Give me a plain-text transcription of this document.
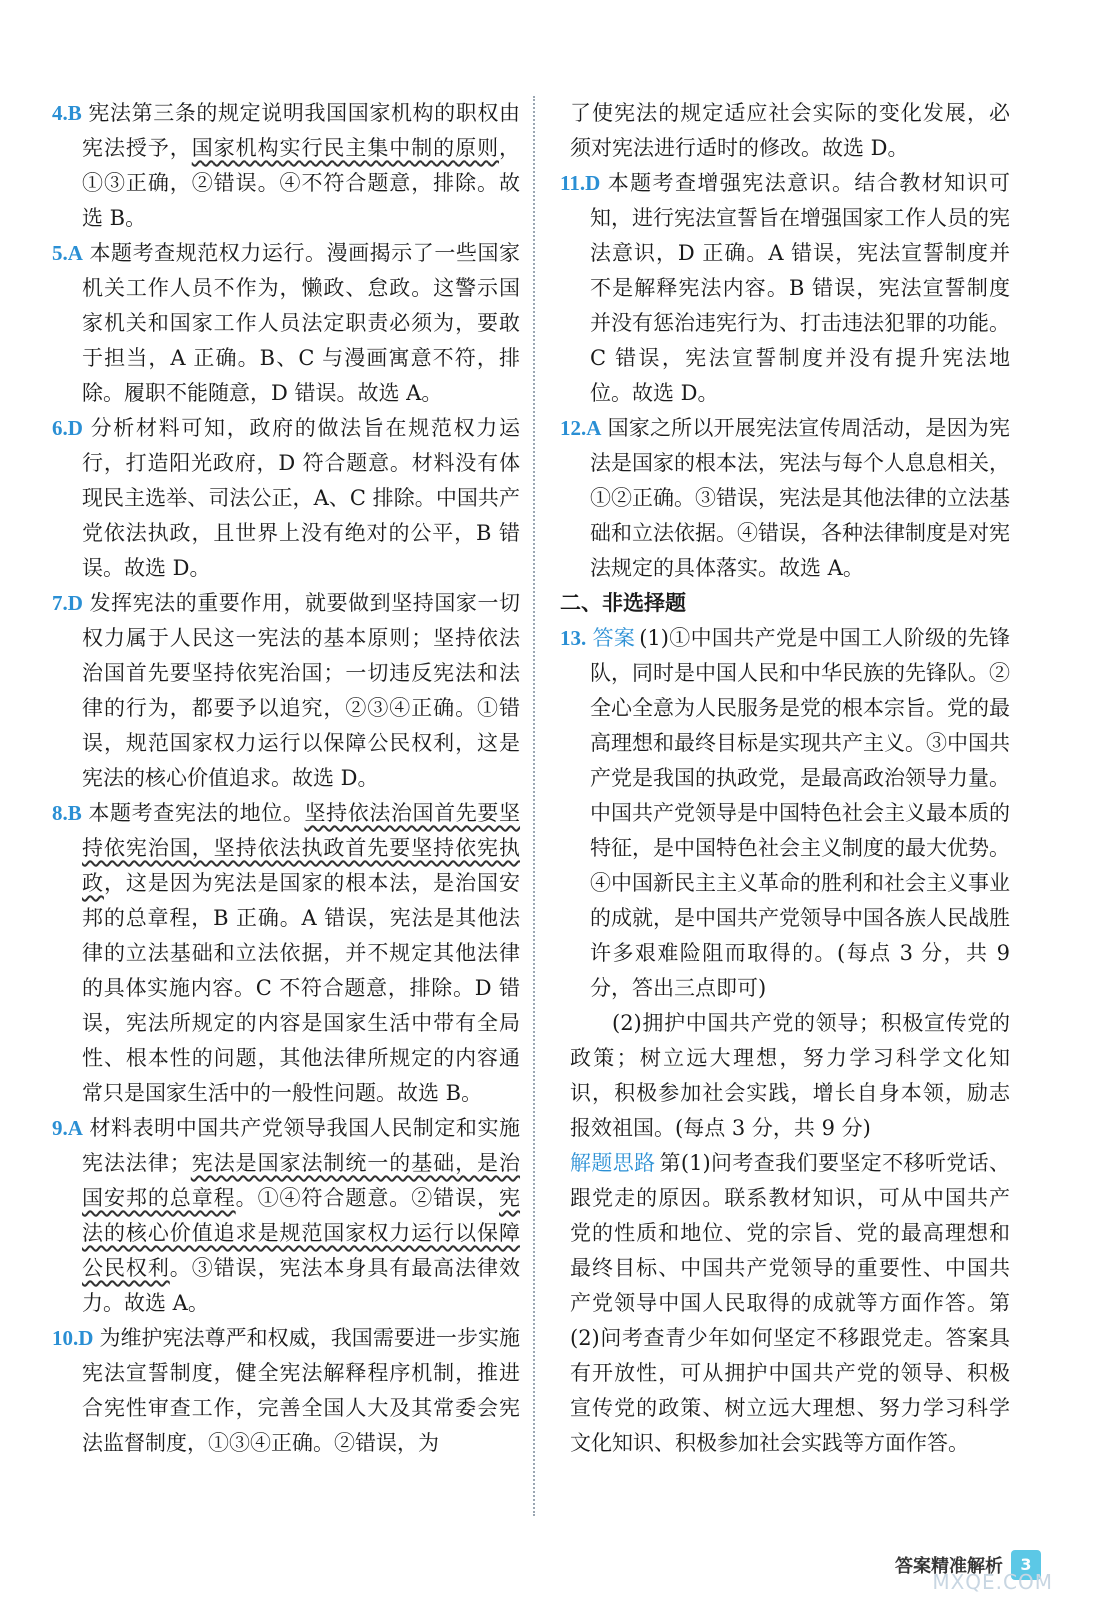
4.B 宪法第三条的规定说明我国国家机构的职权由宪法授予，国家机构实行民主集中制的原则，①③正确，②错误。④不符合题意，排除。故选 B。

5.A 本题考查规范权力运行。漫画揭示了一些国家机关工作人员不作为，懒政、怠政。这警示国家机关和国家工作人员法定职责必须为，要敢于担当，A 正确。B、C 与漫画寓意不符，排除。履职不能随意，D 错误。故选 A。

6.D 分析材料可知，政府的做法旨在规范权力运行，打造阳光政府，D 符合题意。材料没有体现民主选举、司法公正，A、C 排除。中国共产党依法执政，且世界上没有绝对的公平，B 错误。故选 D。

7.D 发挥宪法的重要作用，就要做到坚持国家一切权力属于人民这一宪法的基本原则；坚持依法治国首先要坚持依宪治国；一切违反宪法和法律的行为，都要予以追究，②③④正确。①错误，规范国家权力运行以保障公民权利，这是宪法的核心价值追求。故选 D。

8.B 本题考查宪法的地位。坚持依法治国首先要坚持依宪治国，坚持依法执政首先要坚持依宪执政，这是因为宪法是国家的根本法，是治国安邦的总章程，B 正确。A 错误，宪法是其他法律的立法基础和立法依据，并不规定其他法律的具体实施内容。C 不符合题意，排除。D 错误，宪法所规定的内容是国家生活中带有全局性、根本性的问题，其他法律所规定的内容通常只是国家生活中的一般性问题。故选 B。

9.A 材料表明中国共产党领导我国人民制定和实施宪法法律；宪法是国家法制统一的基础，是治国安邦的总章程。①④符合题意。②错误，宪法的核心价值追求是规范国家权力运行以保障公民权利。③错误，宪法本身具有最高法律效力。故选 A。

10.D 为维护宪法尊严和权威，我国需要进一步实施宪法宣誓制度，健全宪法解释程序机制，推进合宪性审查工作，完善全国人大及其常委会宪法监督制度，①③④正确。②错误，为

了使宪法的规定适应社会实际的变化发展，必须对宪法进行适时的修改。故选 D。

11.D 本题考查增强宪法意识。结合教材知识可知，进行宪法宣誓旨在增强国家工作人员的宪法意识，D 正确。A 错误，宪法宣誓制度并不是解释宪法内容。B 错误，宪法宣誓制度并没有惩治违宪行为、打击违法犯罪的功能。C 错误，宪法宣誓制度并没有提升宪法地位。故选 D。

12.A 国家之所以开展宪法宣传周活动，是因为宪法是国家的根本法，宪法与每个人息息相关，①②正确。③错误，宪法是其他法律的立法基础和立法依据。④错误，各种法律制度是对宪法规定的具体落实。故选 A。

二、非选择题

13. 答案 (1)①中国共产党是中国工人阶级的先锋队，同时是中国人民和中华民族的先锋队。②全心全意为人民服务是党的根本宗旨。党的最高理想和最终目标是实现共产主义。③中国共产党是我国的执政党，是最高政治领导力量。中国共产党领导是中国特色社会主义最本质的特征，是中国特色社会主义制度的最大优势。④中国新民主主义革命的胜利和社会主义事业的成就，是中国共产党领导中国各族人民战胜许多艰难险阻而取得的。(每点 3 分，共 9 分，答出三点即可)

(2)拥护中国共产党的领导；积极宣传党的政策；树立远大理想，努力学习科学文化知识，积极参加社会实践，增长自身本领，励志报效祖国。(每点 3 分，共 9 分)

解题思路 第(1)问考查我们要坚定不移听党话、跟党走的原因。联系教材知识，可从中国共产党的性质和地位、党的宗旨、党的最高理想和最终目标、中国共产党领导的重要性、中国共产党领导中国人民取得的成就等方面作答。第(2)问考查青少年如何坚定不移跟党走。答案具有开放性，可从拥护中国共产党的领导、积极宣传党的政策、树立远大理想、努力学习科学文化知识、积极参加社会实践等方面作答。

答案精准解析	3
MXQE.COM
